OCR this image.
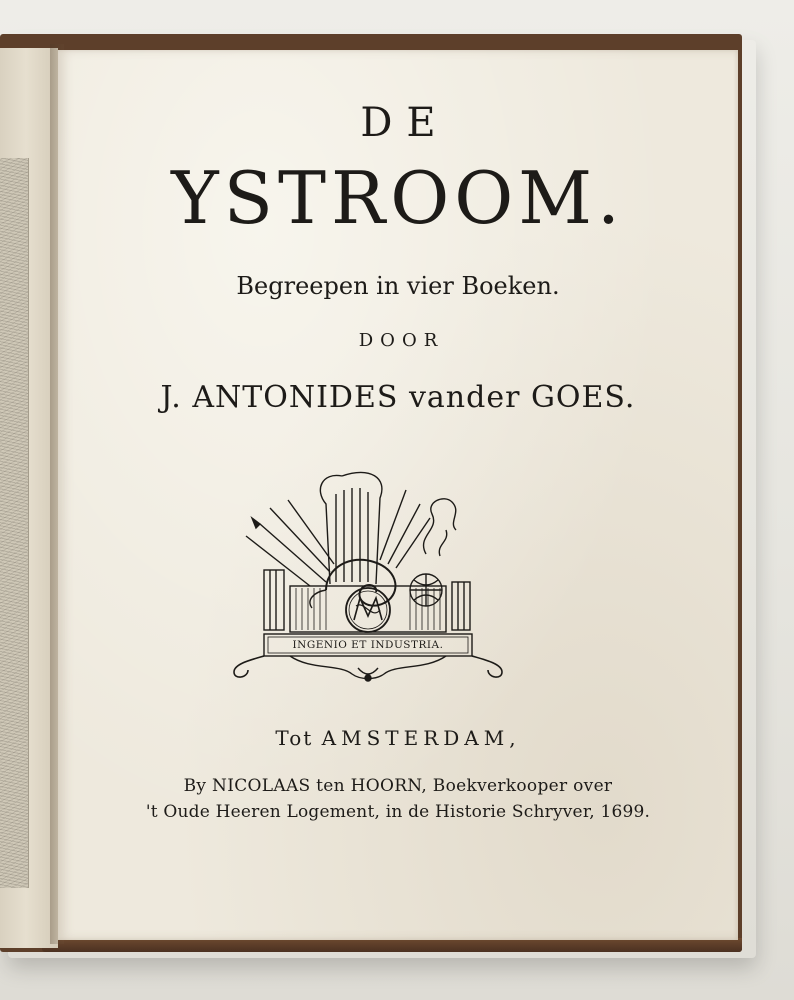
DE
YSTROOM.
Begreepen in vier Boeken.
DOOR
J. ANTONIDES vander GOES.
INGENIO ET INDUSTRIA.
Tot AMSTERDAM,
By NICOLAAS ten HOORN, Boekverkooper over
't Oude Heeren Logement, in de Historie Schryver, 1699.
